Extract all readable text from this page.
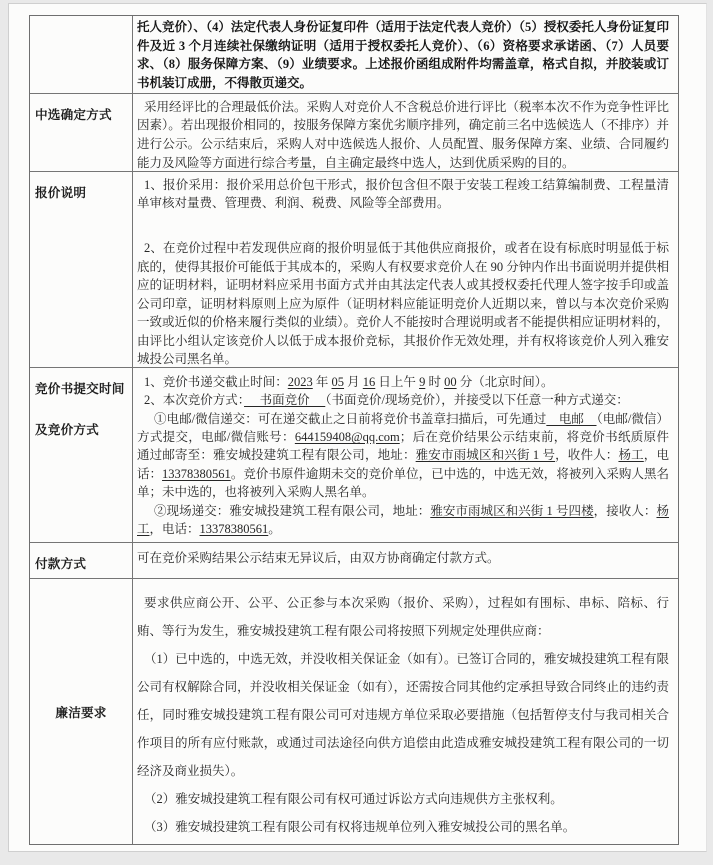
托人竞价）、（4）法定代表人身份证复印件（适用于法定代表人竞价）（5）授权委托人身份证复印件及近 3 个月连续社保缴纳证明（适用于授权委托人竞价）、（6）资格要求承诺函、（7）人员要求、（8）服务保障方案、（9）业绩要求。上述报价函组成附件均需盖章，格式自拟，并胶装或订书机装订成册，不得散页递交。

中选确定方式

采用经评比的合理最低价法。采购人对竞价人不含税总价进行评比（税率本次不作为竞争性评比因素）。若出现报价相同的，按服务保障方案优劣顺序排列，确定前三名中选候选人（不排序）并进行公示。公示结束后，采购人对中选候选人报价、人员配置、服务保障方案、业绩、合同履约能力及风险等方面进行综合考量，自主确定最终中选人，达到优质采购的目的。

报价说明

1、报价采用：报价采用总价包干形式，报价包含但不限于安装工程竣工结算编制费、工程量清单审核对量费、管理费、利润、税费、风险等全部费用。

2、在竞价过程中若发现供应商的报价明显低于其他供应商报价，或者在设有标底时明显低于标底的，使得其报价可能低于其成本的，采购人有权要求竞价人在 90 分钟内作出书面说明并提供相应的证明材料，证明材料应采用书面方式并由其法定代表人或其授权委托代理人签字按手印或盖公司印章，证明材料原则上应为原件（证明材料应能证明竞价人近期以来，曾以与本次竞价采购一致或近似的价格来履行类似的业绩）。竞价人不能按时合理说明或者不能提供相应证明材料的，由评比小组认定该竞价人以低于成本报价竞标，其报价作无效处理，并有权将该竞价人列入雅安城投公司黑名单。

竞价书提交时间
及竞价方式

1、竞价书递交截止时间：2023 年 05 月 16 日上午 9 时 00 分（北京时间）。

2、本次竞价方式：　 书面竞价 　（书面竞价/现场竞价），并接受以下任意一种方式递交：

①电邮/微信递交：可在递交截止之日前将竞价书盖章扫描后，可先通过　电邮　（电邮/微信）方式提交，电邮/微信账号：644159408@qq.com；后在竞价结果公示结束前，将竞价书纸质原件通过邮寄至：雅安城投建筑工程有限公司，地址：雅安市雨城区和兴街 1 号，收件人：杨工，电话：13378380561。竞价书原件逾期未交的竞价单位，已中选的，中选无效，将被列入采购人黑名单；未中选的，也将被列入采购人黑名单。

②现场递交：雅安城投建筑工程有限公司，地址：雅安市雨城区和兴街 1 号四楼，接收人：杨工，电话：13378380561。

付款方式	可在竞价采购结果公示结束无异议后，由双方协商确定付款方式。

廉洁要求

要求供应商公开、公平、公正参与本次采购（报价、采购），过程如有围标、串标、陪标、行贿、等行为发生，雅安城投建筑工程有限公司将按照下列规定处理供应商：

（1）已中选的，中选无效，并没收相关保证金（如有）。已签订合同的，雅安城投建筑工程有限公司有权解除合同，并没收相关保证金（如有），还需按合同其他约定承担导致合同终止的违约责任，同时雅安城投建筑工程有限公司可对违规方单位采取必要措施（包括暂停支付与我司相关合作项目的所有应付账款，或通过司法途径向供方追偿由此造成雅安城投建筑工程有限公司的一切经济及商业损失）。

（2）雅安城投建筑工程有限公司有权可通过诉讼方式向违规供方主张权利。

（3）雅安城投建筑工程有限公司有权将违规单位列入雅安城投公司的黑名单。
